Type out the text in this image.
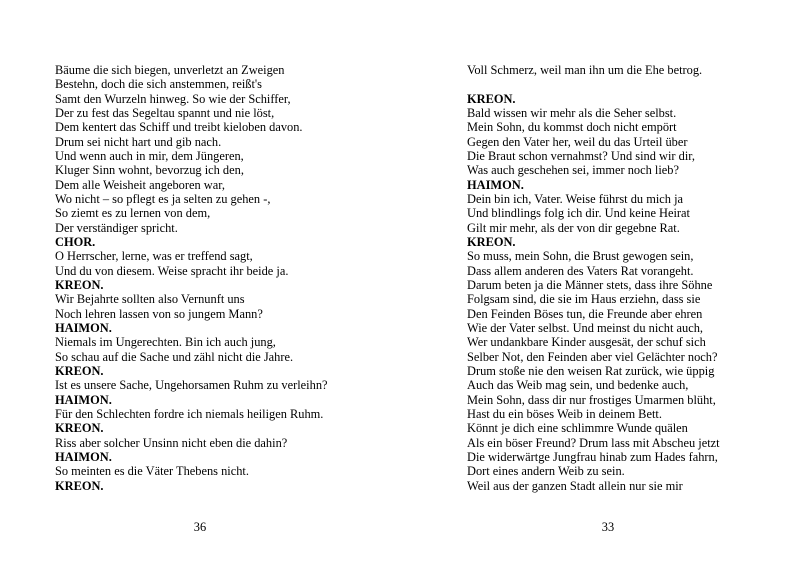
Bäume die sich biegen, unverletzt an Zweigen
Bestehn, doch die sich anstemmen, reißt's
Samt den Wurzeln hinweg. So wie der Schiffer,
Der zu fest das Segeltau spannt und nie löst,
Dem kentert das Schiff und treibt kieloben davon.
Drum sei nicht hart und gib nach.
Und wenn auch in mir, dem Jüngeren,
Kluger Sinn wohnt, bevorzug ich den,
Dem alle Weisheit angeboren war,
Wo nicht – so pflegt es ja selten zu gehen -,
So ziemt es zu lernen von dem,
Der verständiger spricht.
CHOR.
O Herrscher, lerne, was er treffend sagt,
Und du von diesem. Weise spracht ihr beide ja.
KREON.
Wir Bejahrte sollten also Vernunft uns
Noch lehren lassen von so jungem Mann?
HAIMON.
Niemals im Ungerechten. Bin ich auch jung,
So schau auf die Sache und zähl nicht die Jahre.
KREON.
Ist es unsere Sache, Ungehorsamen Ruhm zu verleihn?
HAIMON.
Für den Schlechten fordre ich niemals heiligen Ruhm.
KREON.
Riss aber solcher Unsinn nicht eben die dahin?
HAIMON.
So meinten es die Väter Thebens nicht.
KREON.
36
Voll Schmerz, weil man ihn um die Ehe betrog.

KREON.
Bald wissen wir mehr als die Seher selbst.
Mein Sohn, du kommst doch nicht empört
Gegen den Vater her, weil du das Urteil über
Die Braut schon vernahmst? Und sind wir dir,
Was auch geschehen sei, immer noch lieb?
HAIMON.
Dein bin ich, Vater. Weise führst du mich ja
Und blindlings folg ich dir. Und keine Heirat
Gilt mir mehr, als der von dir gegebne Rat.
KREON.
So muss, mein Sohn, die Brust gewogen sein,
Dass allem anderen des Vaters Rat vorangeht.
Darum beten ja die Männer stets, dass ihre Söhne
Folgsam sind, die sie im Haus erziehn, dass sie
Den Feinden Böses tun, die Freunde aber ehren
Wie der Vater selbst. Und meinst du nicht auch,
Wer undankbare Kinder ausgesät, der schuf sich
Selber Not, den Feinden aber viel Gelächter noch?
Drum stoße nie den weisen Rat zurück, wie üppig
Auch das Weib mag sein, und bedenke auch,
Mein Sohn, dass dir nur frostiges Umarmen blüht,
Hast du ein böses Weib in deinem Bett.
Könnt je dich eine schlimmre Wunde quälen
Als ein böser Freund? Drum lass mit Abscheu jetzt
Die widerwärtge Jungfrau hinab zum Hades fahrn,
Dort eines andern Weib zu sein.
Weil aus der ganzen Stadt allein nur sie mir
33
